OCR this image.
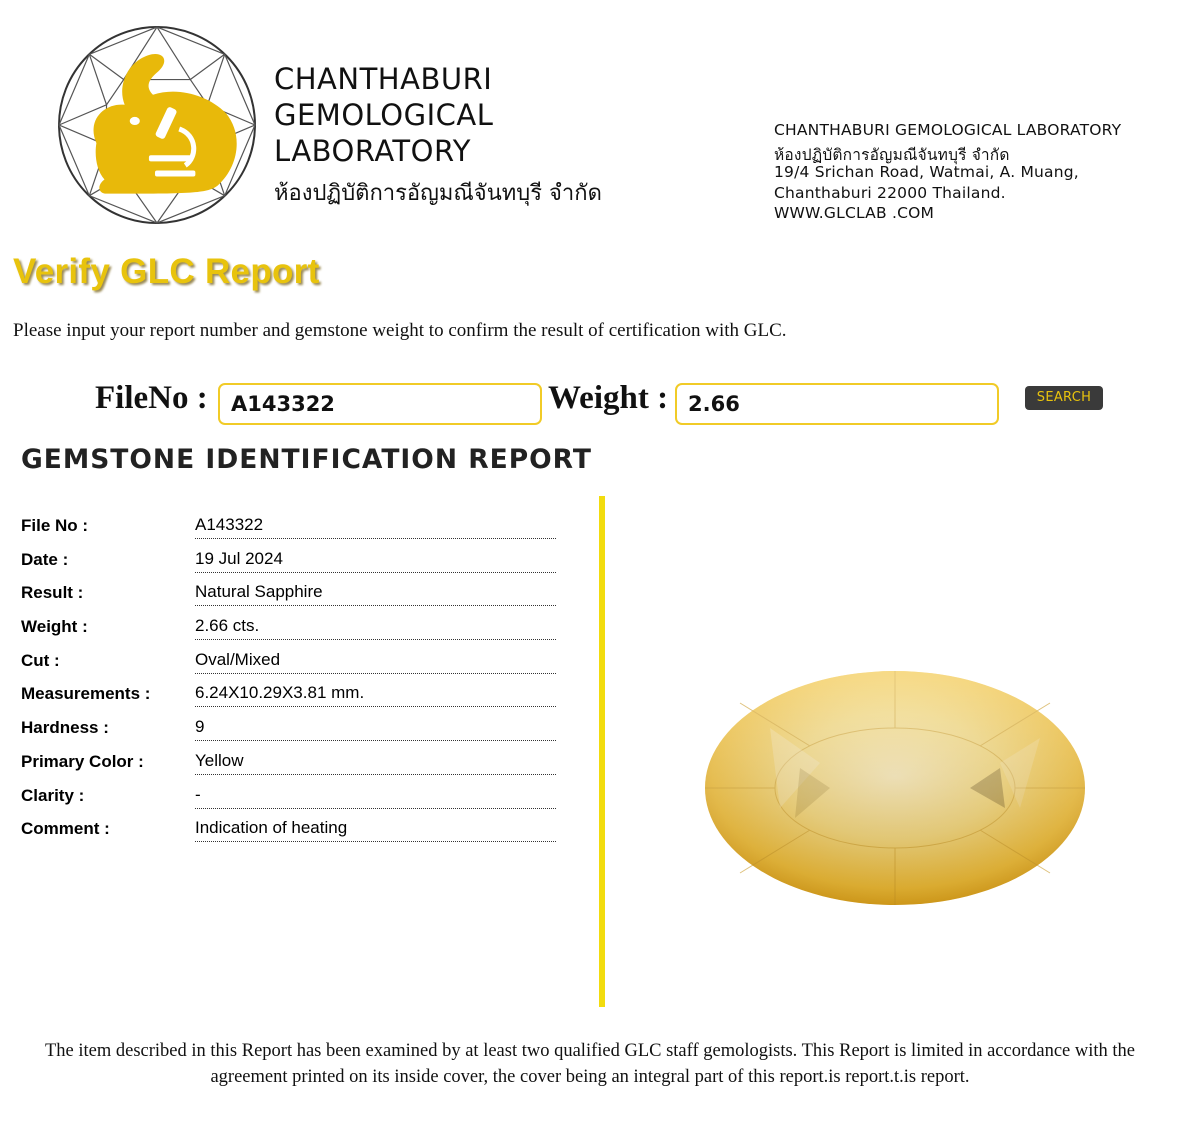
CHANTHABURI
GEMOLOGICAL
LABORATORY
ห้องปฏิบัติการอัญมณีจันทบุรี จำกัด
CHANTHABURI GEMOLOGICAL LABORATORY
ห้องปฏิบัติการอัญมณีจันทบุรี จำกัด
19/4 Srichan Road, Watmai, A. Muang,
Chanthaburi 22000 Thailand.
WWW.GLCLAB .COM
Verify GLC Report
Please input your report number and gemstone weight to confirm the result of certification with GLC.
FileNo :
A143322	Weight :
2.66	SEARCH
GEMSTONE IDENTIFICATION REPORT
File No :	A143322
Date :	19 Jul 2024
Result :	Natural Sapphire
Weight :	2.66 cts.
Cut :	Oval/Mixed
Measurements :	6.24X10.29X3.81 mm.
Hardness :	9
Primary Color :	Yellow
Clarity :	-
Comment :	Indication of heating
The item described in this Report has been examined by at least two qualified GLC staff gemologists. This Report is limited in accordance with the agreement printed on its inside cover, the cover being an integral part of this report.is report.t.is report.
